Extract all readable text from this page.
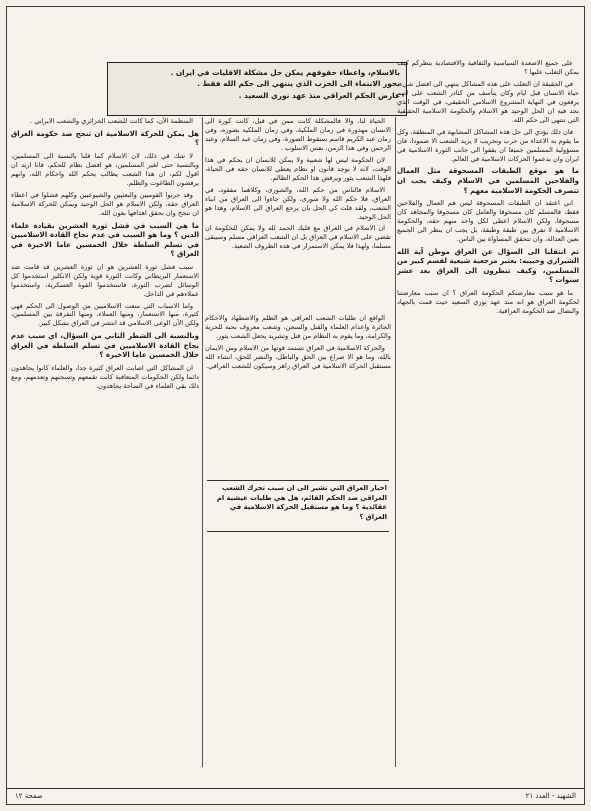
بالاسلام، واعطاء حقوقهم يمكن حل مشكلة الاقليات في ايران .

بحور الانتماء الى الحزب الذي ينتهي الى حكم الله فقط .

عارض الحكم العراقي منذ عهد نوري السعيد .

على جميع الاصعدة السياسية والثقافية والاقتصادية بنظركم كيف يمكن التغلب عليها ؟

في الحقيقة ان التغلب على هذه المشاكل ينتهي الى افضل شيء، حياة الانسان قبل ايام وكان يتأسف من كثادر الشعب على اتهم يرفعون في النهاية المشروع الاسلامي الحقيقي، في الوقت الذي نجد فيه ان الحل الوحيد هو الاسلام والحكومة الاسلامية الحقيقية التي تنتهي الى حكم الله.

فان ذلك يؤدي الى حل هذه المشاكل المشابهة في المنطقة، وكل ما يقوم به الاعداء من حرب وتخريب لا يزيد الشعب الا صمودا، فان مسؤولية المسلمين جميعا ان يقفوا الى جانب الثورة الاسلامية في ايران وان يدعموا الحركات الاسلامية في العالم.

ما هو موقع الطبقات المسحوقة مثل العمال والفلاحين المسلمين في الاسلام وكيف يجب ان تتصرف الحكومة الاسلامية معهم ؟

اني اعتقد ان الطبقات المسحوقة ليس هم العمال والفلاحين فقط، فالمسلم كان مسحوقا والعامل كان مسحوقا والمجاهد كان مسحوقا، ولكن الاسلام اعطى لكل واحد منهم حقه، والحكومة الاسلامية لا تفرق بين طبقة وطبقة، بل يجب ان ينظر الى الجميع بعين العدالة، وان تتحقق المساواة بين الناس.

ثم انتقلنا الى السؤال عن العراق موطن آية الله الشيرازي وحبيبه: يعتبر مرجعية شيعية لقسم كبير من المسلمين، وكيف تنظرون الى العراق بعد عشر سنوات ؟

ما هو سبب معارضتكم الحكومة العراق ؟ ان سبب معارضتنا لحكومة العراق هو انه منذ عهد نوري السعيد حيث قمت بالجهاد والنضال ضد الحكومة العراقية.

الحياة لنا، والا فالمشكلة كانت ممن في قبل، كانت كورة الى الانسان مهدورة في زمان الملكية، وفي زمان الملكيه بصوره، وفي زمان عبد الكريم قاسم بسقوط الصورة، وفي زمان عبد السلام، وعبد الرحمن وفي هذا الزمن، نفس الاسلوب .

لان الحكومة ليس لها شعبية ولا يمكن للانسان ان يحكم في هذا الوقت، لانه لا يوجد قانون او نظام يعطي للانسان حقه في الحياة، فلهذا الشعب يثور ويرفض هذا الحكم الظالم.

الاسلام فالناس من حكم الله، والشورى، وكلاهما مفقود، في العراق، فلا حكم الله ولا شورى، ولكن جاءوا الى العراق من ابناء الشعب، ولقد قلت كي الحل بان يرجع العراق الى الاسلام، وهذا هو الحل الوحيد.

ان الاسلام في العراق مع قلبك الحمد لله ولا يمكن للحكومة ان تقضي على الاسلام في العراق بل ان الشعب العراقي مسلم وسيبقى مسلما، ولهذا فلا يمكن الاستمرار في هذه الظروف الصعبة.

الواقع ان طلبات الشعب العراقي هو الظلم والاضطهاد والاحكام الجائرة واعدام العلماء والقتل والسجن، وشعب معروف بحبه للحرية والكرامة، وما يقوم به النظام من قتل وتشريد يجعل الشعب يثور.

والحركة الاسلامية في العراق تستمد قوتها من الاسلام ومن الايمان بالله، وما هو الا صراع بين الحق والباطل، والنصر للحق، انشاء الله مستقبل الحركة الاسلامية في العراق زاهر وسيكون للشعب العراقي.

اخبار العراق التي تشير الى ان سبب تحرك الشعب العراقي ضد الحكم القائم، هل هي طلبات عيشية ام عقائدية ؟ وما هو مستقبل الحركة الاسلامية في العراق ؟

المنظمة الآن، كما كانت للشعب الجزائري والشعب الايراني .

هل يمكن للحركة الاسلامية ان تنجح ضد حكومة العراق ؟

لا شك في ذلك، لان الاسلام كما قلنا بالنسبة الى المسلمين، وبالنسبة حتى لغير المسلمين، هو افضل نظام للحكم، فانا اريد ان اقول لكم، ان هذا الشعب يطالب بحكم الله واحكام الله، وانهم يرفضون الطاغوت والظلم.

وقد جربوا القوميين والبعثيين والشيوعيين وكلهم فشلوا في اعطاء العراق حقه، ولكن الاسلام هو الحل الوحيد ويمكن للحركة الاسلامية ان تنجح وان تحقق اهدافها بعون الله.

ما هي السبب في فشل ثورة العشرين بقيادة علماء الدين ؟ وما هو السبب في عدم نجاح القادة الاسلاميين في تسلم السلطة خلال الخمسين عاما الاخيرة في العراق ؟

سبب فشل ثورة العشرين هو ان ثورة العشرين قد قامت ضد الاستعمار البريطاني وكانت الثورة قوية ولكن الانكليز استخدموا كل الوسائل لضرب الثورة، فاستخدموا القوة العسكرية، واستخدموا عملاءهم في الداخل.

واما الاسباب التي منعت الاسلاميين من الوصول الى الحكم فهي كثيرة، منها الاستعمار، ومنها العملاء، ومنها التفرقة بين المسلمين، ولكن الآن الوعي الاسلامي قد انتشر في العراق بشكل كبير.

وبالنسبة الى الشطر الثاني من السؤال، اي سبب عدم نجاح القادة الاسلاميين في تسلم السلطة في العراق خلال الخمسين عاما الاخيرة ؟

ان المشاكل التي اصابت العراق كثيرة جدا، والعلماء كانوا يجاهدون دائما ولكن الحكومات المتعاقبة كانت تقمعهم وتسجنهم وتعدمهم، ومع ذلك بقي العلماء في الساحة يجاهدون.

الشهيد - العدد ٢١
صفحة ١٢
